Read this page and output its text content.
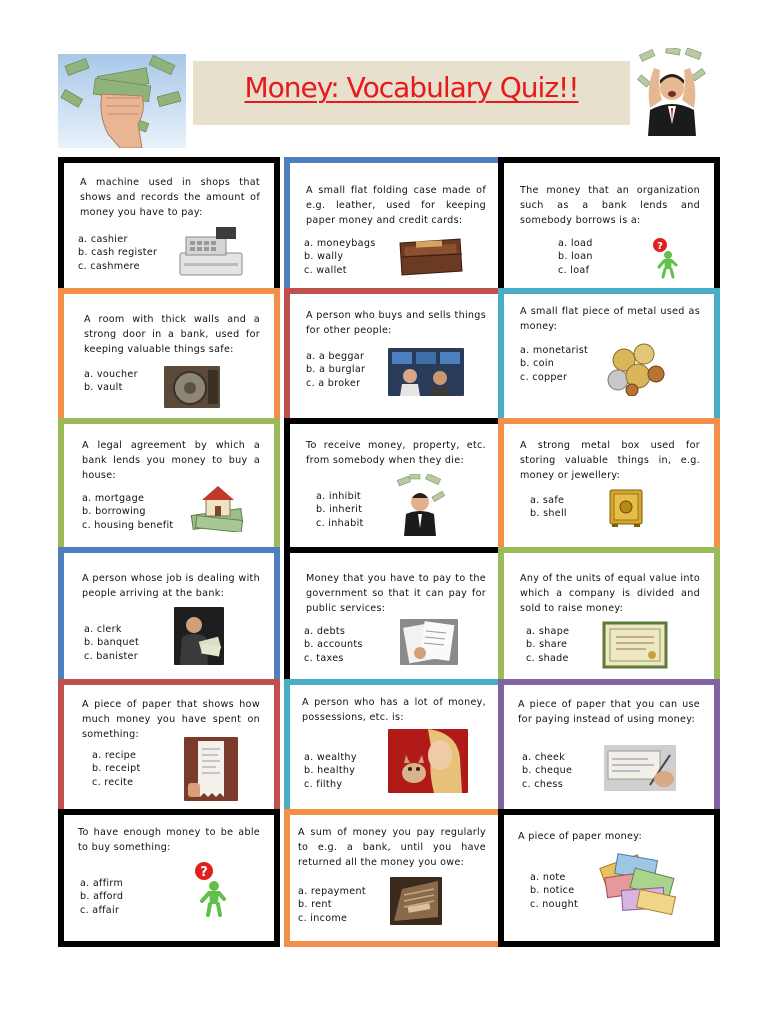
Money: Vocabulary Quiz!!
A machine used in shops that shows and records the amount of money you have to pay:
a. cashier
b. cash register
c. cashmere
A small flat folding case made of e.g. leather, used for keeping paper money and credit cards:
a. moneybags
b. wally
c. wallet
The money that an organization such as a bank lends and somebody borrows is a:
a. load
b. loan
c. loaf
?
A room with thick walls and a strong door in a bank, used for keeping valuable things safe:
a. voucher
b. vault
A person who buys and sells things for other people:
a. a beggar
b. a burglar
c. a broker
A small flat piece of metal used as money:
a. monetarist
b. coin
c. copper
A legal agreement by which a bank lends you money to buy a house:
a. mortgage
b. borrowing
c. housing benefit
To receive money, property, etc. from somebody when they die:
a. inhibit
b. inherit
c. inhabit
A strong metal box used for storing valuable things in, e.g. money or jewellery:
a. safe
b. shell
A person whose job is dealing with people arriving at the bank:
a. clerk
b. banquet
c. banister
Money that you have to pay to the government so that it can pay for public services:
a. debts
b. accounts
c. taxes
Any of the units of equal value into which a company is divided and sold to raise money:
a. shape
b. share
c. shade
A piece of paper that shows how much money you have spent on something:
a. recipe
b. receipt
c. recite
A person who has a lot of money, possessions, etc. is:
a. wealthy
b. healthy
c. filthy
A piece of paper that you can use for paying instead of using money:
a. cheek
b. cheque
c. chess
To have enough money to be able to buy something:
a. affirm
b. afford
c. affair
?
A sum of money you pay regularly to e.g. a bank, until you have returned all the money you owe:
a. repayment
b. rent
c. income
A piece of paper money:
a. note
b. notice
c. nought
